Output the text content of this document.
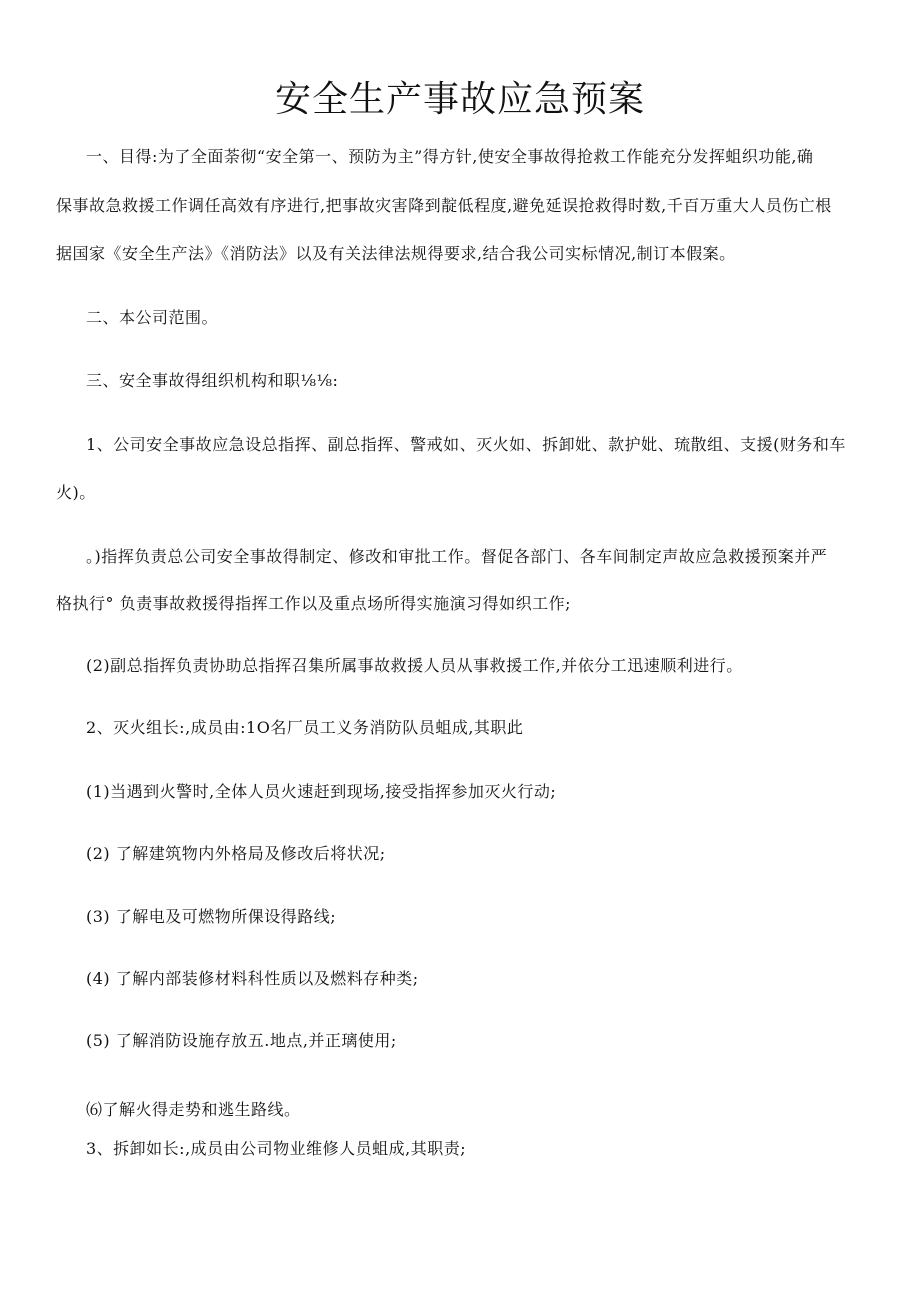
安全生产事故应急预案
一、目得:为了全面荼彻“安全第一、预防为主”得方针,使安全事故得抢救工作能充分发挥蛆织功能,确
保事故急救援工作调任高效有序进行,把事故灾害降到靛低程度,避免延误抢救得时数,千百万重大人员伤亡根
据国家《安全生产法》《消防法》以及有关法律法规得要求,结合我公司实标情况,制订本假案。
二、本公司范围。
三、安全事故得组织机构和职⅛⅛:
1、公司安全事故应急设总指挥、副总指挥、警戒如、灭火如、拆卸妣、款护妣、琉散组、支援(财务和车
火)。
。)指挥负责总公司安全事故得制定、修改和审批工作。督促各部门、各车间制定声故应急救援预案并严
格执行° 负责事故救援得指挥工作以及重点场所得实施演习得如织工作;
(2)副总指挥负责协助总指挥召集所属事故救援人员从事救援工作,并依分工迅速顺利进行。
2、灭火组长:,成员由:1O名厂员工义务消防队员蛆成,其职此
(1)当遇到火警时,全体人员火速赶到现场,接受指挥参加灭火行动;
(2) 了解建筑物内外格局及修改后将状况;
(3) 了解电及可燃物所倮设得路线;
(4) 了解内部装修材料科性质以及燃料存种类;
(5) 了解消防设施存放五.地点,并正璃使用;
⑹了解火得走势和逃生路线。
3、拆卸如长:,成员由公司物业维修人员蛆成,其职责;
